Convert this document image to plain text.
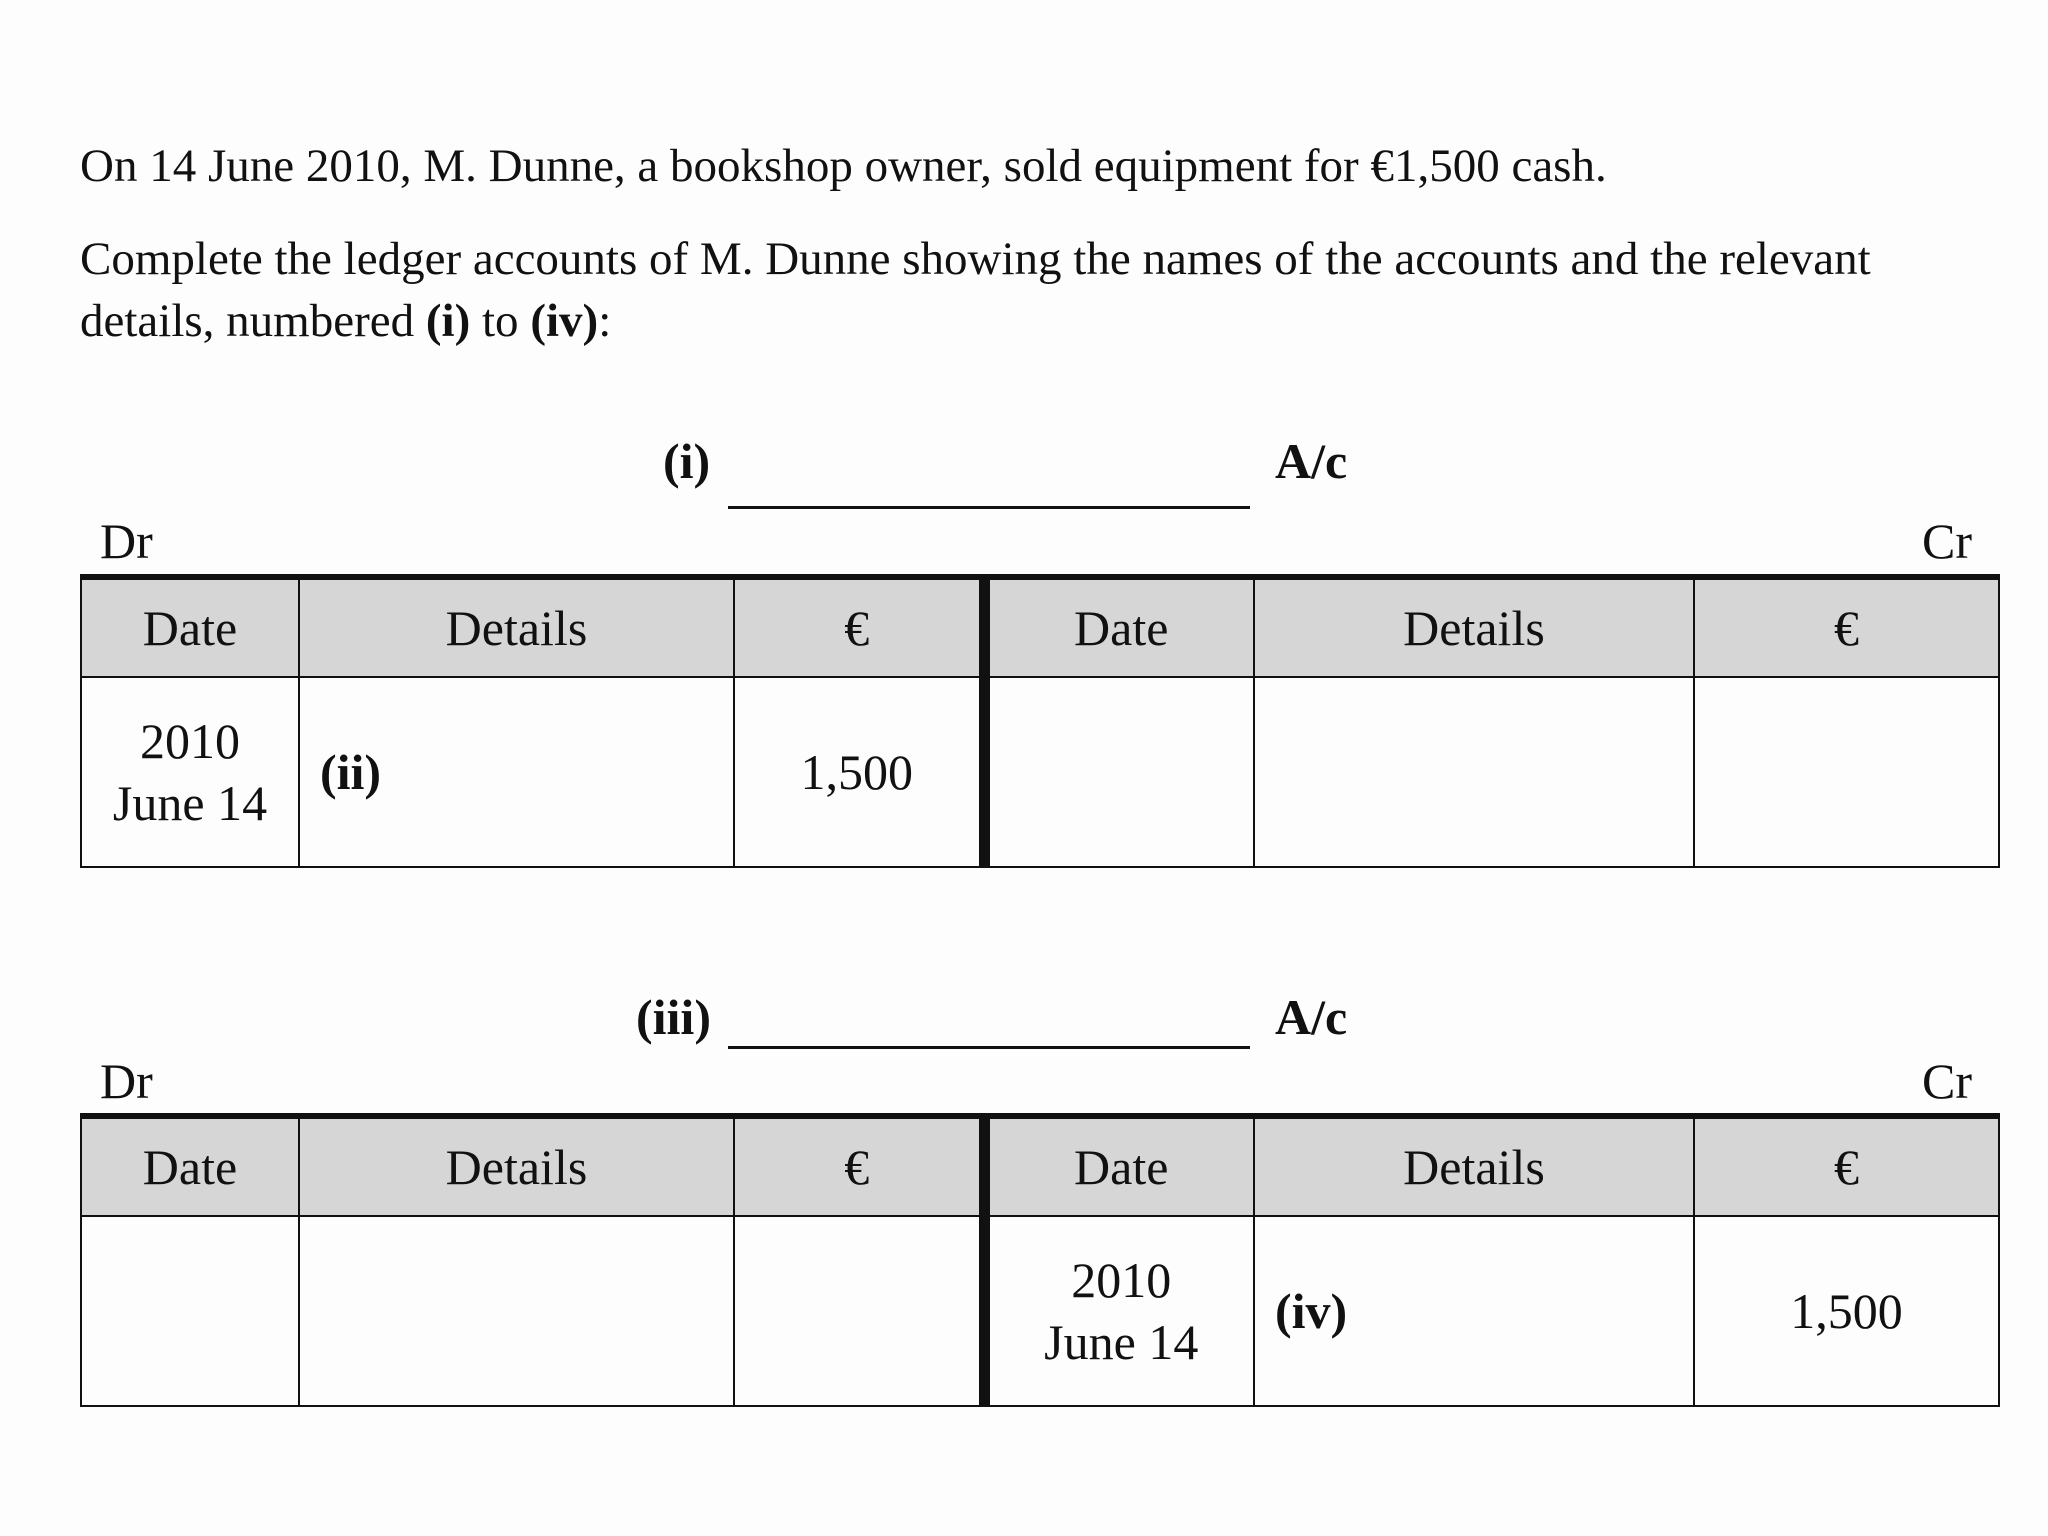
On 14 June 2010, M. Dunne, a bookshop owner, sold equipment for €1,500 cash.

Complete the ledger accounts of M. Dunne showing the names of the accounts and the relevant details, numbered (i) to (iv):

(i)	A/c
Dr	Cr
Date	Details	€	Date	Details	€

2010
June 14	(ii)	1,500	

(iii)	A/c
Dr	Cr
Date	Details	€	Date	Details	€

			2010
June 14	(iv)	1,500
